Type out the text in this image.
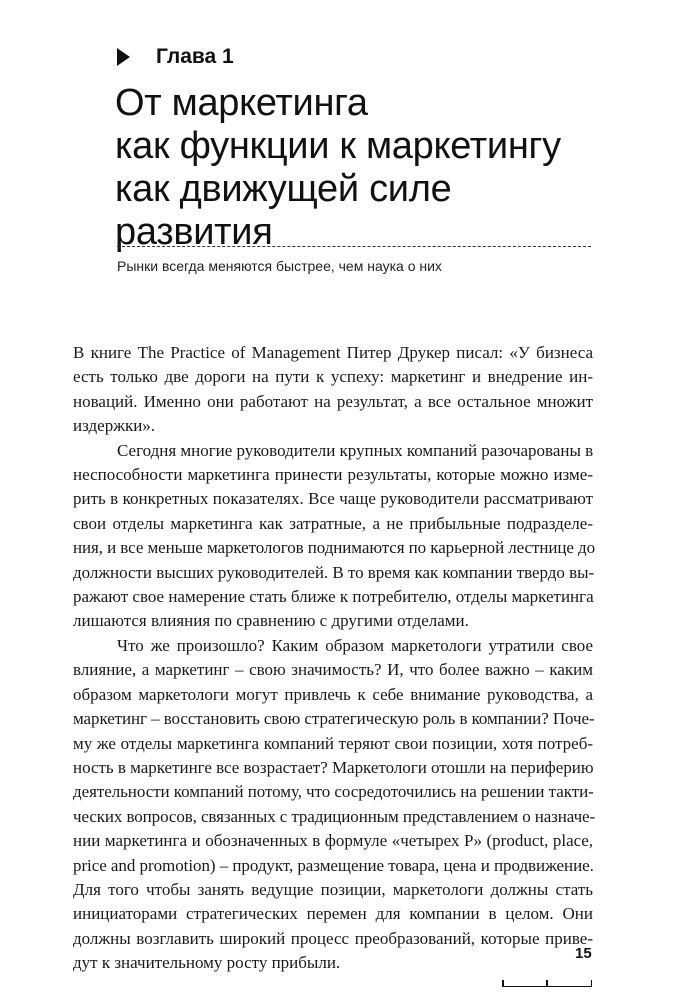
Глава 1
От маркетинга
как функции к маркетингу
как движущей силе
развития
Рынки всегда меняются быстрее, чем наука о них
В книге The Practice of Management Питер Друкер писал: «У бизнеса
есть только две дороги на пути к успеху: маркетинг и внедрение ин-
новаций. Именно они работают на результат, а все остальное множит
издержки».
Сегодня многие руководители крупных компаний разочарованы в
неспособности маркетинга принести результаты, которые можно изме-
рить в конкретных показателях. Все чаще руководители рассматривают
свои отделы маркетинга как затратные, а не прибыльные подразделе-
ния, и все меньше маркетологов поднимаются по карьерной лестнице до
должности высших руководителей. В то время как компании твердо вы-
ражают свое намерение стать ближе к потребителю, отделы маркетинга
лишаются влияния по сравнению с другими отделами.
Что же произошло? Каким образом маркетологи утратили свое
влияние, а маркетинг – свою значимость? И, что более важно – каким
образом маркетологи могут привлечь к себе внимание руководства, а
маркетинг – восстановить свою стратегическую роль в компании? Поче-
му же отделы маркетинга компаний теряют свои позиции, хотя потреб-
ность в маркетинге все возрастает? Маркетологи отошли на периферию
деятельности компаний потому, что сосредоточились на решении такти-
ческих вопросов, связанных с традиционным представлением о назначе-
нии маркетинга и обозначенных в формуле «четырех P» (product, place,
price and promotion) – продукт, размещение товара, цена и продвижение.
Для того чтобы занять ведущие позиции, маркетологи должны стать
инициаторами стратегических перемен для компании в целом. Они
должны возглавить широкий процесс преобразований, которые приве-
дут к значительному росту прибыли.	15
